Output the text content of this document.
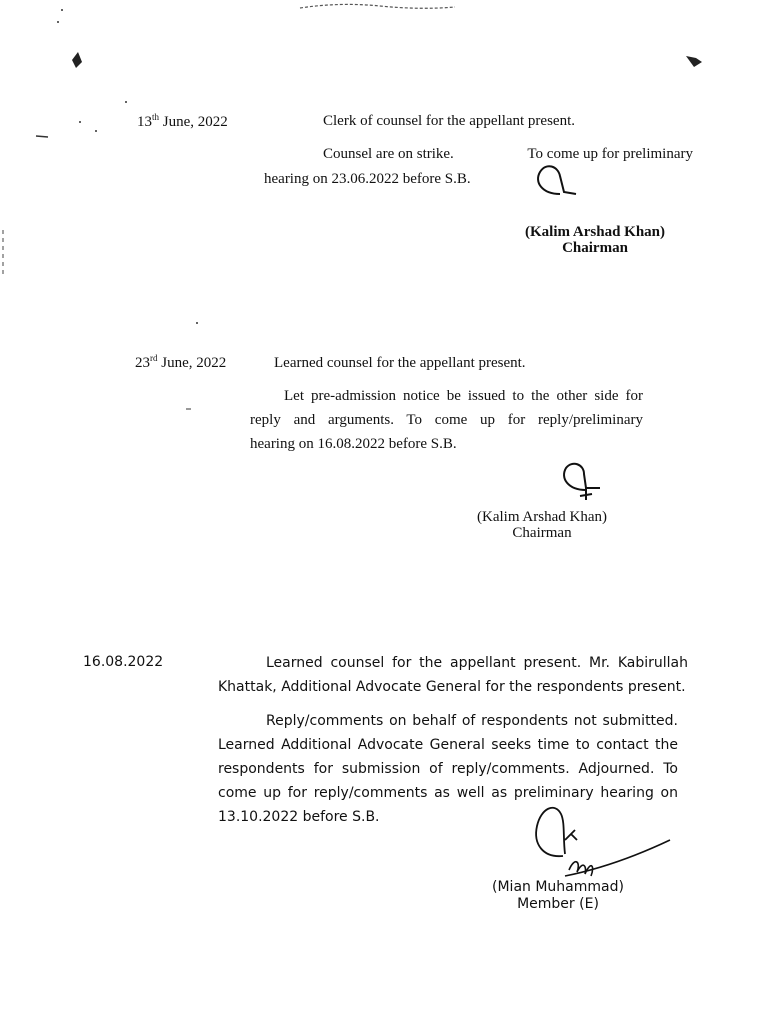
13th June, 2022	Clerk of counsel for the appellant present.
Counsel are on strike.	To come up for preliminary
hearing on 23.06.2022 before S.B.
(Kalim Arshad Khan)
Chairman
23rd June, 2022	Learned counsel for the appellant present.
Let pre-admission notice be issued to the other side for
reply and arguments. To come up for reply/preliminary
hearing on 16.08.2022 before S.B.
(Kalim Arshad Khan)
Chairman
16.08.2022	Learned counsel for the appellant present. Mr. Kabirullah
Khattak, Additional Advocate General for the respondents present.
Reply/comments on behalf of respondents not submitted.
Learned Additional Advocate General seeks time to contact the
respondents for submission of reply/comments. Adjourned. To
come up for reply/comments as well as preliminary hearing on
13.10.2022 before S.B.
(Mian Muhammad)
Member (E)
